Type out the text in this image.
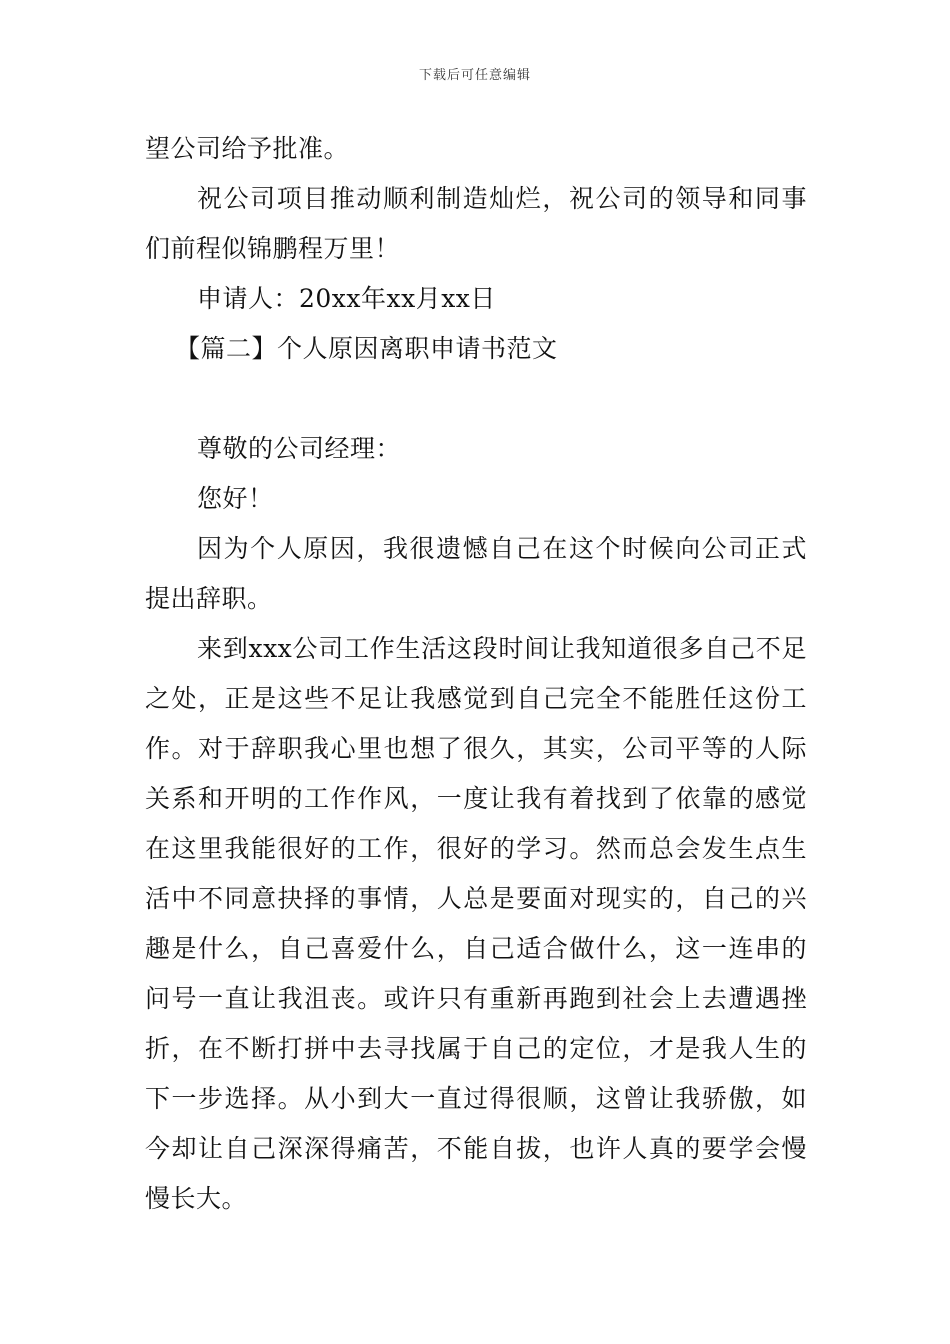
下载后可任意编辑
望公司给予批准。
祝公司项目推动顺利制造灿烂，祝公司的领导和同事
们前程似锦鹏程万里！
申请人：20xx年xx月xx日
【篇二】个人原因离职申请书范文
尊敬的公司经理：
您好！
因为个人原因，我很遗憾自己在这个时候向公司正式
提出辞职。
来到xxx公司工作生活这段时间让我知道很多自己不足
之处，正是这些不足让我感觉到自己完全不能胜任这份工
作。对于辞职我心里也想了很久，其实，公司平等的人际
关系和开明的工作作风，一度让我有着找到了依靠的感觉
在这里我能很好的工作，很好的学习。然而总会发生点生
活中不同意抉择的事情，人总是要面对现实的，自己的兴
趣是什么，自己喜爱什么，自己适合做什么，这一连串的
问号一直让我沮丧。或许只有重新再跑到社会上去遭遇挫
折，在不断打拼中去寻找属于自己的定位，才是我人生的
下一步选择。从小到大一直过得很顺，这曾让我骄傲，如
今却让自己深深得痛苦，不能自拔，也许人真的要学会慢
慢长大。
